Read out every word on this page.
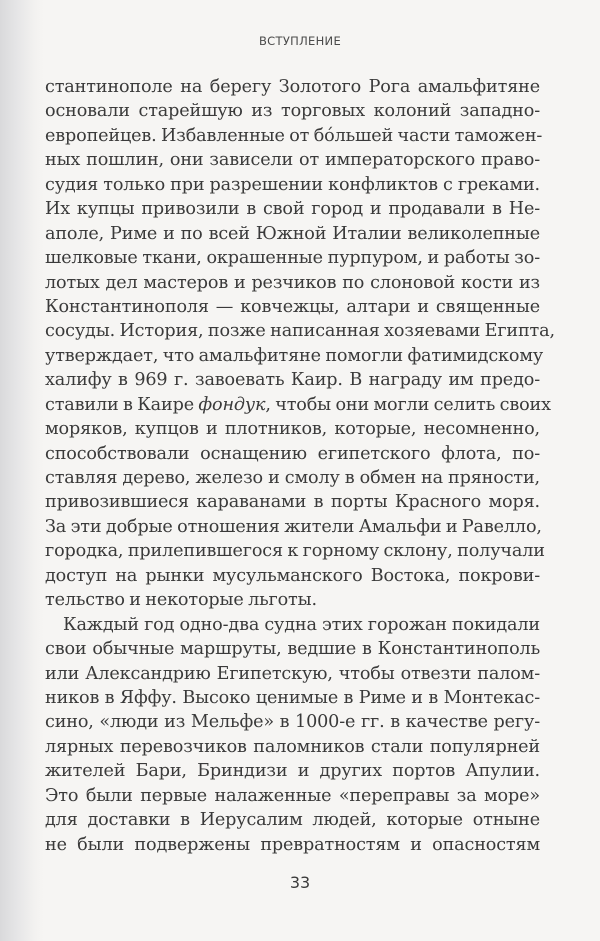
ВСТУПЛЕНИЕ
стантинополе на берегу Золотого Рога амальфитяне
основали старейшую из торговых колоний западно-
европейцев. Избавленные от бóльшей части таможен-
ных пошлин, они зависели от императорского право-
судия только при разрешении конфликтов с греками.
Их купцы привозили в свой город и продавали в Не-
аполе, Риме и по всей Южной Италии великолепные
шелковые ткани, окрашенные пурпуром, и работы зо-
лотых дел мастеров и резчиков по слоновой кости из
Константинополя — ковчежцы, алтари и священные
сосуды. История, позже написанная хозяевами Египта,
утверждает, что амальфитяне помогли фатимидскому
халифу в 969 г. завоевать Каир. В награду им предо-
ставили в Каире фондук, чтобы они могли селить своих
моряков, купцов и плотников, которые, несомненно,
способствовали оснащению египетского флота, по-
ставляя дерево, железо и смолу в обмен на пряности,
привозившиеся караванами в порты Красного моря.
За эти добрые отношения жители Амальфи и Равелло,
городка, прилепившегося к горному склону, получали
доступ на рынки мусульманского Востока, покрови-
тельство и некоторые льготы.
Каждый год одно-два судна этих горожан покидали
свои обычные маршруты, ведшие в Константинополь
или Александрию Египетскую, чтобы отвезти палом-
ников в Яффу. Высоко ценимые в Риме и в Монтекас-
сино, «люди из Мельфе» в 1000-е гг. в качестве регу-
лярных перевозчиков паломников стали популярней
жителей Бари, Бриндизи и других портов Апулии.
Это были первые налаженные «переправы за море»
для доставки в Иерусалим людей, которые отныне
не были подвержены превратностям и опасностям
33
